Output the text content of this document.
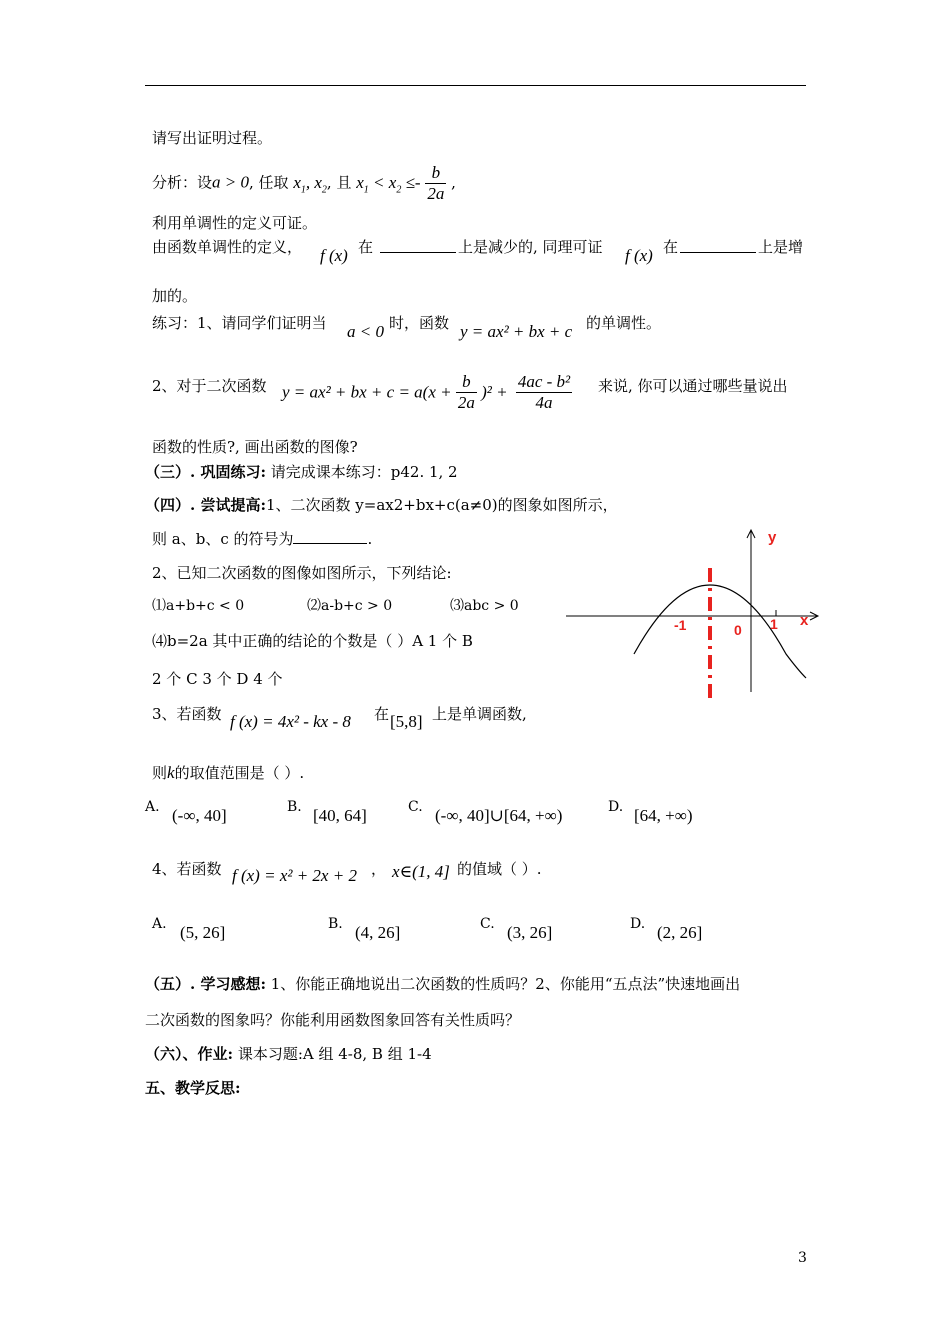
请写出证明过程。
分析：设a > 0, 任取 $x_1$, $x_2$, 且 $x_1 < x_2 \le- \frac{b}{2a}$ ,
利用单调性的定义可证。
由函数单调性的定义， f (x) 在	上是减少的, 同理可证 f (x) 在	上是增
加的。
练习：1、请同学们证明当 a < 0 时，函数 y = ax² + bx + c 的单调性。
2、对于二次函数 y = ax² + bx + $c = a(x + \frac{b}{2a} )^2 + \frac{\text{4ac - b²}}{4a}$ 来说, 你可以通过哪些量说出
函数的性质?, 画出函数的图像?
（三）. 巩固练习: 请完成课本练习：p42. 1, 2
（四）. 尝试提高:1、二次函数 y=ax2+bx+c(a≠0)的图象如图所示，
则 a、b、c 的符号为	.
2、已知二次函数的图像如图所示，下列结论:
⑴a+b+c < 0	⑵a-b+c > 0	⑶abc > 0
⑷b=2a 其中正确的结论的个数是（ ）A 1 个 B
2 个 C 3 个 D 4 个
y
x
-1	0 1
3、若函数 f (x) = 4x² - kx - 8 在 [5,8] 上是单调函数,
则k的取值范围是（ ）.
A. (-∞, 40]	B. [40, 64]	C. (-∞, 40]∪[64, +∞)	D. [64, +∞)
4、若函数 f (x) = x² + 2x + 2 ， x∈(1, 4] 的值域（ ）.
A. (5, 26]	B. (4, 26]	C. (3, 26]	D. (2, 26]
（五）. 学习感想: 1、你能正确地说出二次函数的性质吗？2、你能用“五点法”快速地画出
二次函数的图象吗？你能利用函数图象回答有关性质吗？
（六）、作业: 课本习题:A 组 4-8, B 组 1-4
五、教学反思:
3
